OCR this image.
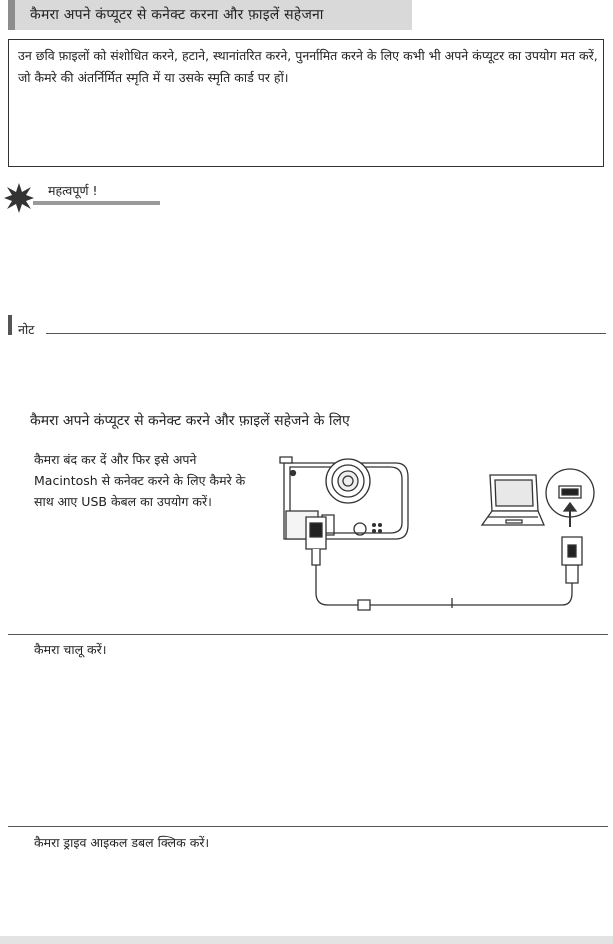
कैमरा अपने कंप्यूटर से कनेक्ट करना और फ़ाइलें सहेजना
उन छवि फ़ाइलों को संशोधित करने, हटाने, स्थानांतरित करने, पुनर्नामित करने के लिए कभी भी अपने कंप्यूटर का उपयोग मत करें, जो कैमरे की अंतर्निर्मित स्मृति में या उसके स्मृति कार्ड पर हों।
महत्वपूर्ण !
नोट
कैमरा अपने कंप्यूटर से कनेक्ट करने और फ़ाइलें सहेजने के लिए
कैमरा बंद कर दें और फिर इसे अपने Macintosh से कनेक्ट करने के लिए कैमरे के साथ आए USB केबल का उपयोग करें।
कैमरा चालू करें।
कैमरा ड्राइव आइकल डबल क्लिक करें।
